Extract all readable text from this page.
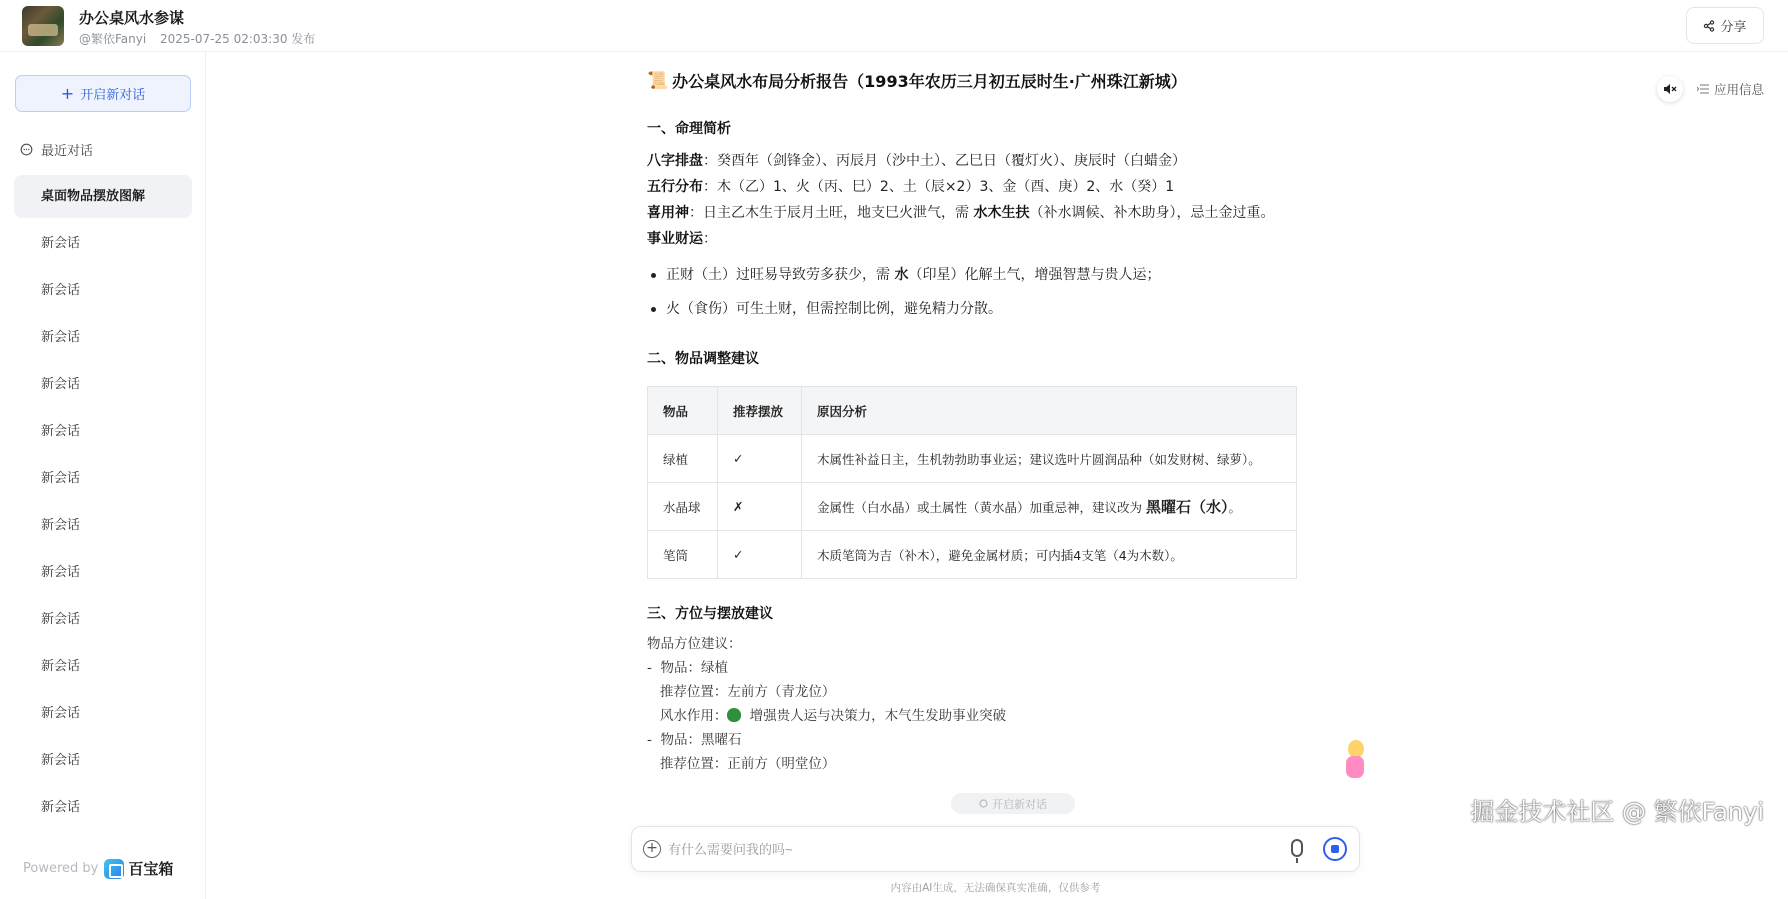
办公桌风水参谋
@繁依Fanyi 2025-07-25 02:03:30 发布
分享
+ 开启新对话
最近对话
桌面物品摆放图解
新会话
新会话
新会话
新会话
新会话
新会话
新会话
新会话
新会话
新会话
新会话
新会话
新会话
Powered by 百宝箱
应用信息
📜 办公桌风水布局分析报告（1993年农历三月初五辰时生·广州珠江新城）
一、命理简析
八字排盘：癸酉年（剑锋金）、丙辰月（沙中土）、乙巳日（覆灯火）、庚辰时（白蜡金）
五行分布：木（乙）1、火（丙、巳）2、土（辰×2）3、金（酉、庚）2、水（癸）1
喜用神：日主乙木生于辰月土旺，地支巳火泄气，需 水木生扶（补水调候、补木助身），忌土金过重。
事业财运：
正财（土）过旺易导致劳多获少，需 水（印星）化解土气，增强智慧与贵人运；
火（食伤）可生土财，但需控制比例，避免精力分散。
二、物品调整建议
物品	推荐摆放	原因分析
绿植	✓	木属性补益日主，生机勃勃助事业运；建议选叶片圆润品种（如发财树、绿萝）。
水晶球	✗	金属性（白水晶）或土属性（黄水晶）加重忌神，建议改为 黑曜石（水）。
笔筒	✓	木质笔筒为吉（补木），避免金属材质；可内插4支笔（4为木数）。
三、方位与摆放建议
物品方位建议：
-  物品：绿植
推荐位置：左前方（青龙位）
风水作用： 增强贵人运与决策力，木气生发助事业突破
-  物品：黑曜石
推荐位置：正前方（明堂位）
开启新对话
+
有什么需要问我的吗~
内容由AI生成，无法确保真实准确，仅供参考
掘金技术社区 @ 繁依Fanyi
